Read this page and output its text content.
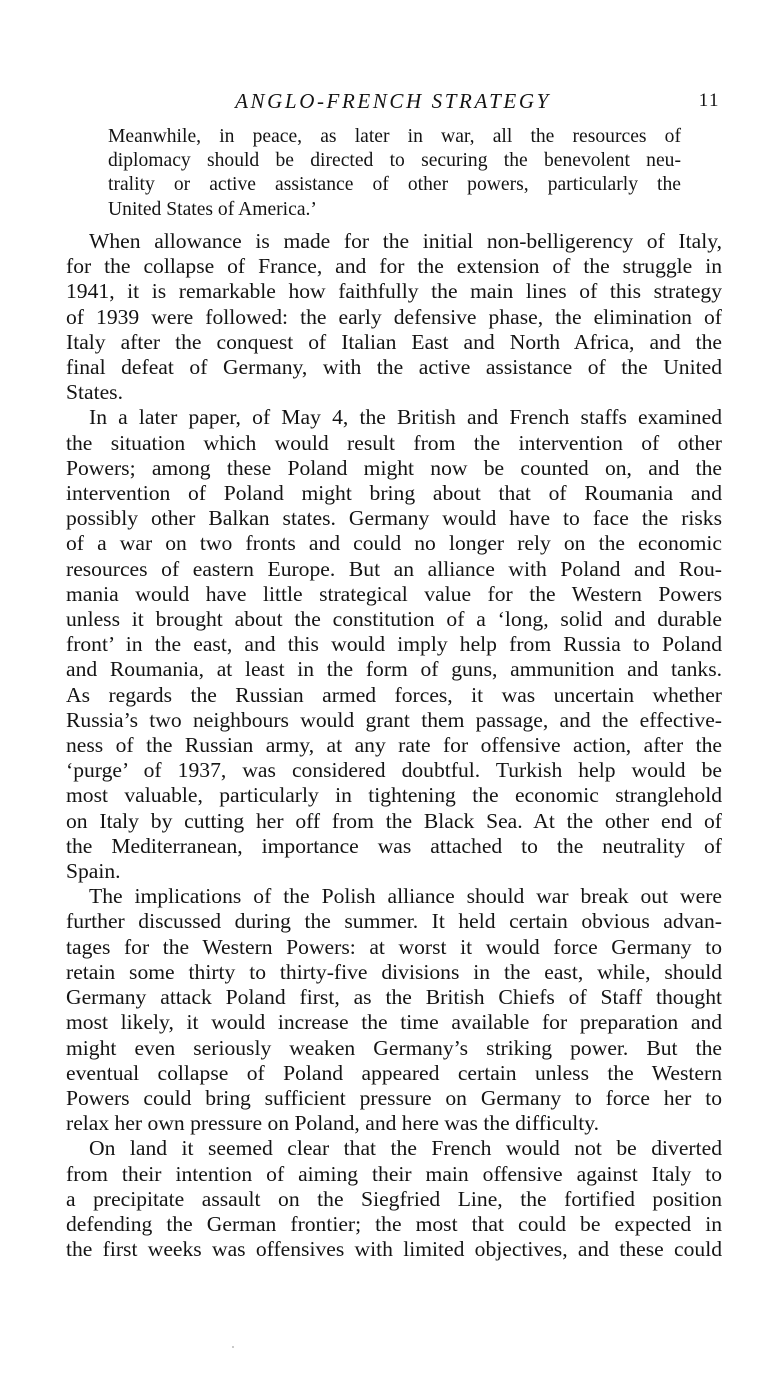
ANGLO-FRENCH STRATEGY	11
Meanwhile, in peace, as later in war, all the resources of
diplomacy should be directed to securing the benevolent neu-
trality or active assistance of other powers, particularly the
United States of America.’
When allowance is made for the initial non-belligerency of Italy,
for the collapse of France, and for the extension of the struggle in
1941, it is remarkable how faithfully the main lines of this strategy
of 1939 were followed: the early defensive phase, the elimination of
Italy after the conquest of Italian East and North Africa, and the
final defeat of Germany, with the active assistance of the United
States.
In a later paper, of May 4, the British and French staffs examined
the situation which would result from the intervention of other
Powers; among these Poland might now be counted on, and the
intervention of Poland might bring about that of Roumania and
possibly other Balkan states. Germany would have to face the risks
of a war on two fronts and could no longer rely on the economic
resources of eastern Europe. But an alliance with Poland and Rou-
mania would have little strategical value for the Western Powers
unless it brought about the constitution of a ‘long, solid and durable
front’ in the east, and this would imply help from Russia to Poland
and Roumania, at least in the form of guns, ammunition and tanks.
As regards the Russian armed forces, it was uncertain whether
Russia’s two neighbours would grant them passage, and the effective-
ness of the Russian army, at any rate for offensive action, after the
‘purge’ of 1937, was considered doubtful. Turkish help would be
most valuable, particularly in tightening the economic stranglehold
on Italy by cutting her off from the Black Sea. At the other end of
the Mediterranean, importance was attached to the neutrality of
Spain.
The implications of the Polish alliance should war break out were
further discussed during the summer. It held certain obvious advan-
tages for the Western Powers: at worst it would force Germany to
retain some thirty to thirty-five divisions in the east, while, should
Germany attack Poland first, as the British Chiefs of Staff thought
most likely, it would increase the time available for preparation and
might even seriously weaken Germany’s striking power. But the
eventual collapse of Poland appeared certain unless the Western
Powers could bring sufficient pressure on Germany to force her to
relax her own pressure on Poland, and here was the difficulty.
On land it seemed clear that the French would not be diverted
from their intention of aiming their main offensive against Italy to
a precipitate assault on the Siegfried Line, the fortified position
defending the German frontier; the most that could be expected in
the first weeks was offensives with limited objectives, and these could
